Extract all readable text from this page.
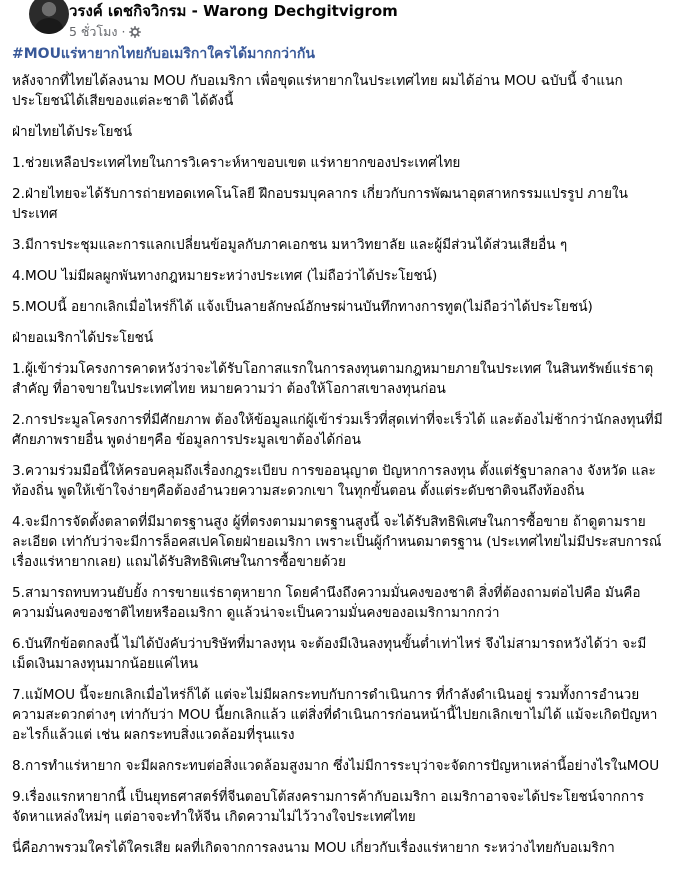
วรงค์ เดชกิจวิกรม - Warong Dechgitvigrom
5 ชั่วโมง ·
#MOUแร่หายากไทยกับอเมริกาใครได้มากกว่ากัน

หลังจากที่ไทยได้ลงนาม MOU กับอเมริกา เพื่อขุดแร่หายากในประเทศไทย ผมได้อ่าน MOU ฉบับนี้ จำแนกประโยชน์ได้เสียของแต่ละชาติ ได้ดังนี้

ฝ่ายไทยได้ประโยชน์

1.ช่วยเหลือประเทศไทยในการวิเคราะห์หาขอบเขต แร่หายากของประเทศไทย

2.ฝ่ายไทยจะได้รับการถ่ายทอดเทคโนโลยี ฝึกอบรมบุคลากร เกี่ยวกับการพัฒนาอุตสาหกรรมแปรรูป ภายในประเทศ

3.มีการประชุมและการแลกเปลี่ยนข้อมูลกับภาคเอกชน มหาวิทยาลัย และผู้มีส่วนได้ส่วนเสียอื่น ๆ

4.MOU ไม่มีผลผูกพันทางกฎหมายระหว่างประเทศ (ไม่ถือว่าได้ประโยชน์)

5.MOUนี้ อยากเลิกเมื่อไหร่ก็ได้ แจ้งเป็นลายลักษณ์อักษรผ่านบันทึกทางการทูต(ไม่ถือว่าได้ประโยชน์)

ฝ่ายอเมริกาได้ประโยชน์

1.ผู้เข้าร่วมโครงการคาดหวังว่าจะได้รับโอกาสแรกในการลงทุนตามกฎหมายภายในประเทศ ในสินทรัพย์แร่ธาตุสำคัญ ที่อาจขายในประเทศไทย หมายความว่า ต้องให้โอกาสเขาลงทุนก่อน

2.การประมูลโครงการที่มีศักยภาพ ต้องให้ข้อมูลแก่ผู้เข้าร่วมเร็วที่สุดเท่าที่จะเร็วได้ และต้องไม่ช้ากว่านักลงทุนที่มีศักยภาพรายอื่น พูดง่ายๆคือ ข้อมูลการประมูลเขาต้องได้ก่อน

3.ความร่วมมือนี้ให้ครอบคลุมถึงเรื่องกฎระเบียบ การขออนุญาต ปัญหาการลงทุน ตั้งแต่รัฐบาลกลาง จังหวัด และท้องถิ่น พูดให้เข้าใจง่ายๆคือต้องอำนวยความสะดวกเขา ในทุกขั้นตอน ตั้งแต่ระดับชาติจนถึงท้องถิ่น

4.จะมีการจัดตั้งตลาดที่มีมาตรฐานสูง ผู้ที่ตรงตามมาตรฐานสูงนี้ จะได้รับสิทธิพิเศษในการซื้อขาย ถ้าดูตามรายละเอียด เท่ากับว่าจะมีการล็อคสเปคโดยฝ่ายอเมริกา เพราะเป็นผู้กำหนดมาตรฐาน (ประเทศไทยไม่มีประสบการณ์เรื่องแร่หายากเลย) แถมได้รับสิทธิพิเศษในการซื้อขายด้วย

5.สามารถทบทวนยับยั้ง การขายแร่ธาตุหายาก โดยคำนึงถึงความมั่นคงของชาติ สิ่งที่ต้องถามต่อไปคือ มันคือความมั่นคงของชาติไทยหรืออเมริกา ดูแล้วน่าจะเป็นความมั่นคงของอเมริกามากกว่า

6.บันทึกข้อตกลงนี้ ไม่ได้บังคับว่าบริษัทที่มาลงทุน จะต้องมีเงินลงทุนขั้นต่ำเท่าไหร่ จึงไม่สามารถหวังได้ว่า จะมีเม็ดเงินมาลงทุนมากน้อยแค่ไหน

7.แม้MOU นี้จะยกเลิกเมื่อไหร่ก็ได้ แต่จะไม่มีผลกระทบกับการดำเนินการ ที่กำลังดำเนินอยู่ รวมทั้งการอำนวยความสะดวกต่างๆ เท่ากับว่า MOU นี้ยกเลิกแล้ว แต่สิ่งที่ดำเนินการก่อนหน้านี้ไปยกเลิกเขาไม่ได้ แม้จะเกิดปัญหาอะไรก็แล้วแต่ เช่น ผลกระทบสิ่งแวดล้อมที่รุนแรง

8.การทำแร่หายาก จะมีผลกระทบต่อสิ่งแวดล้อมสูงมาก ซึ่งไม่มีการระบุว่าจะจัดการปัญหาเหล่านี้อย่างไรในMOU

9.เรื่องแรกหายากนี้ เป็นยุทธศาสตร์ที่จีนตอบโต้สงครามการค้ากับอเมริกา อเมริกาอาจจะได้ประโยชน์จากการจัดหาแหล่งใหม่ๆ แต่อาจจะทำให้จีน เกิดความไม่ไว้วางใจประเทศไทย

นี่คือภาพรวมใครได้ใครเสีย ผลที่เกิดจากการลงนาม MOU เกี่ยวกับเรื่องแร่หายาก ระหว่างไทยกับอเมริกา
